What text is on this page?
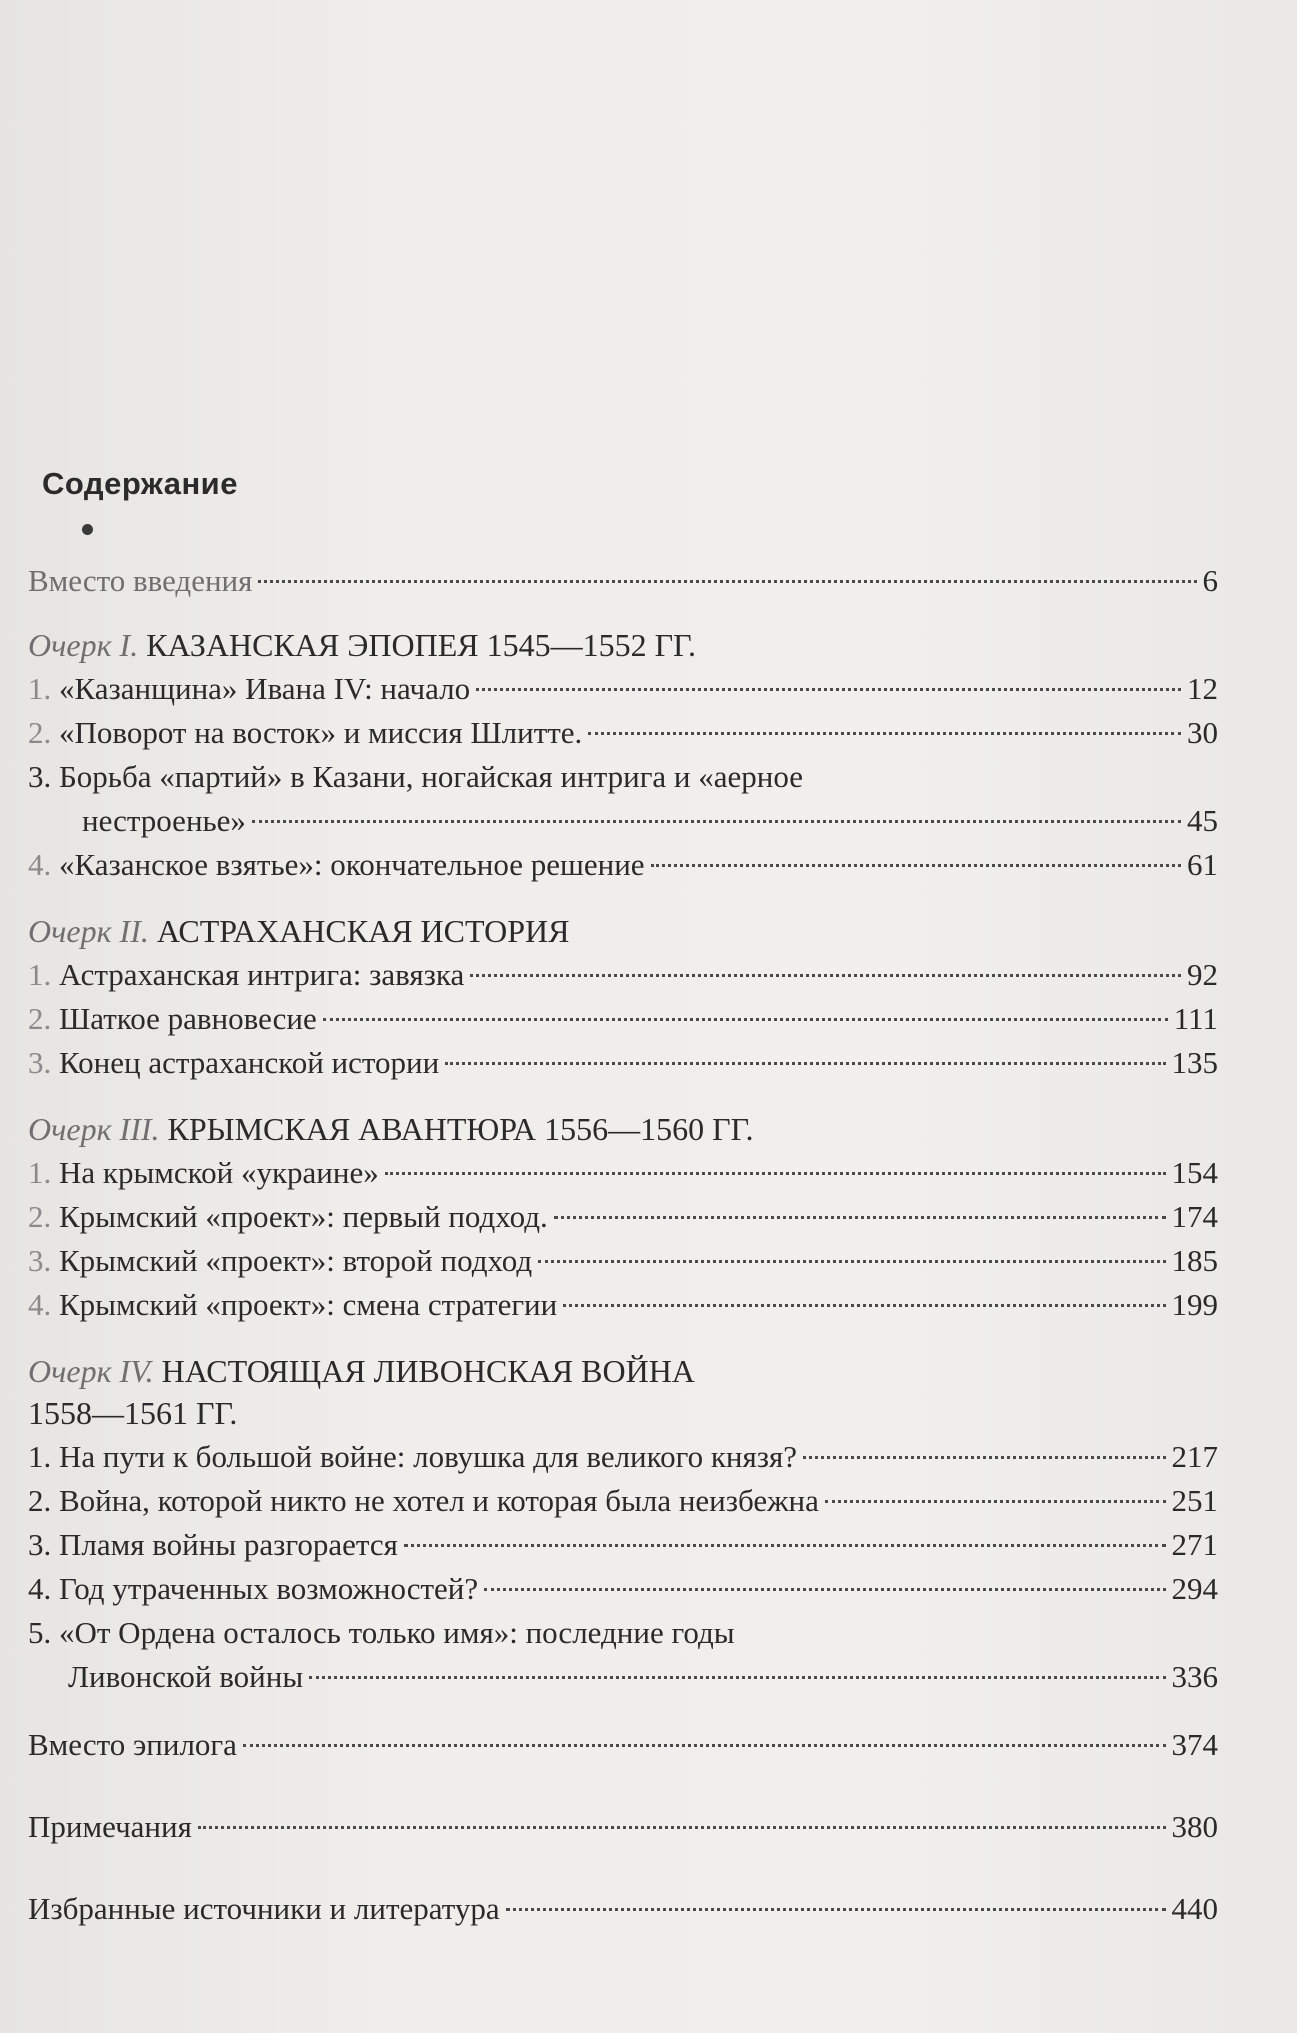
Содержание
Вместо введения	6
Очерк I. КАЗАНСКАЯ ЭПОПЕЯ 1545—1552 ГГ.
1. «Казанщина» Ивана IV: начало	12
2. «Поворот на восток» и миссия Шлитте.	30
3. Борьба «партий» в Казани, ногайская интрига и «аерное
нестроенье»	45
4. «Казанское взятье»: окончательное решение	61
Очерк II. АСТРАХАНСКАЯ ИСТОРИЯ
1. Астраханская интрига: завязка	92
2. Шаткое равновесие	111
3. Конец астраханской истории	135
Очерк III. КРЫМСКАЯ АВАНТЮРА 1556—1560 ГГ.
1. На крымской «украине»	154
2. Крымский «проект»: первый подход.	174
3. Крымский «проект»: второй подход	185
4. Крымский «проект»: смена стратегии	199
Очерк IV. НАСТОЯЩАЯ ЛИВОНСКАЯ ВОЙНА
1558—1561 ГГ.
1. На пути к большой войне: ловушка для великого князя?	217
2. Война, которой никто не хотел и которая была неизбежна	251
3. Пламя войны разгорается	271
4. Год утраченных возможностей?	294
5. «От Ордена осталось только имя»: последние годы
Ливонской войны	336
Вместо эпилога	374
Примечания	380
Избранные источники и литература	440
